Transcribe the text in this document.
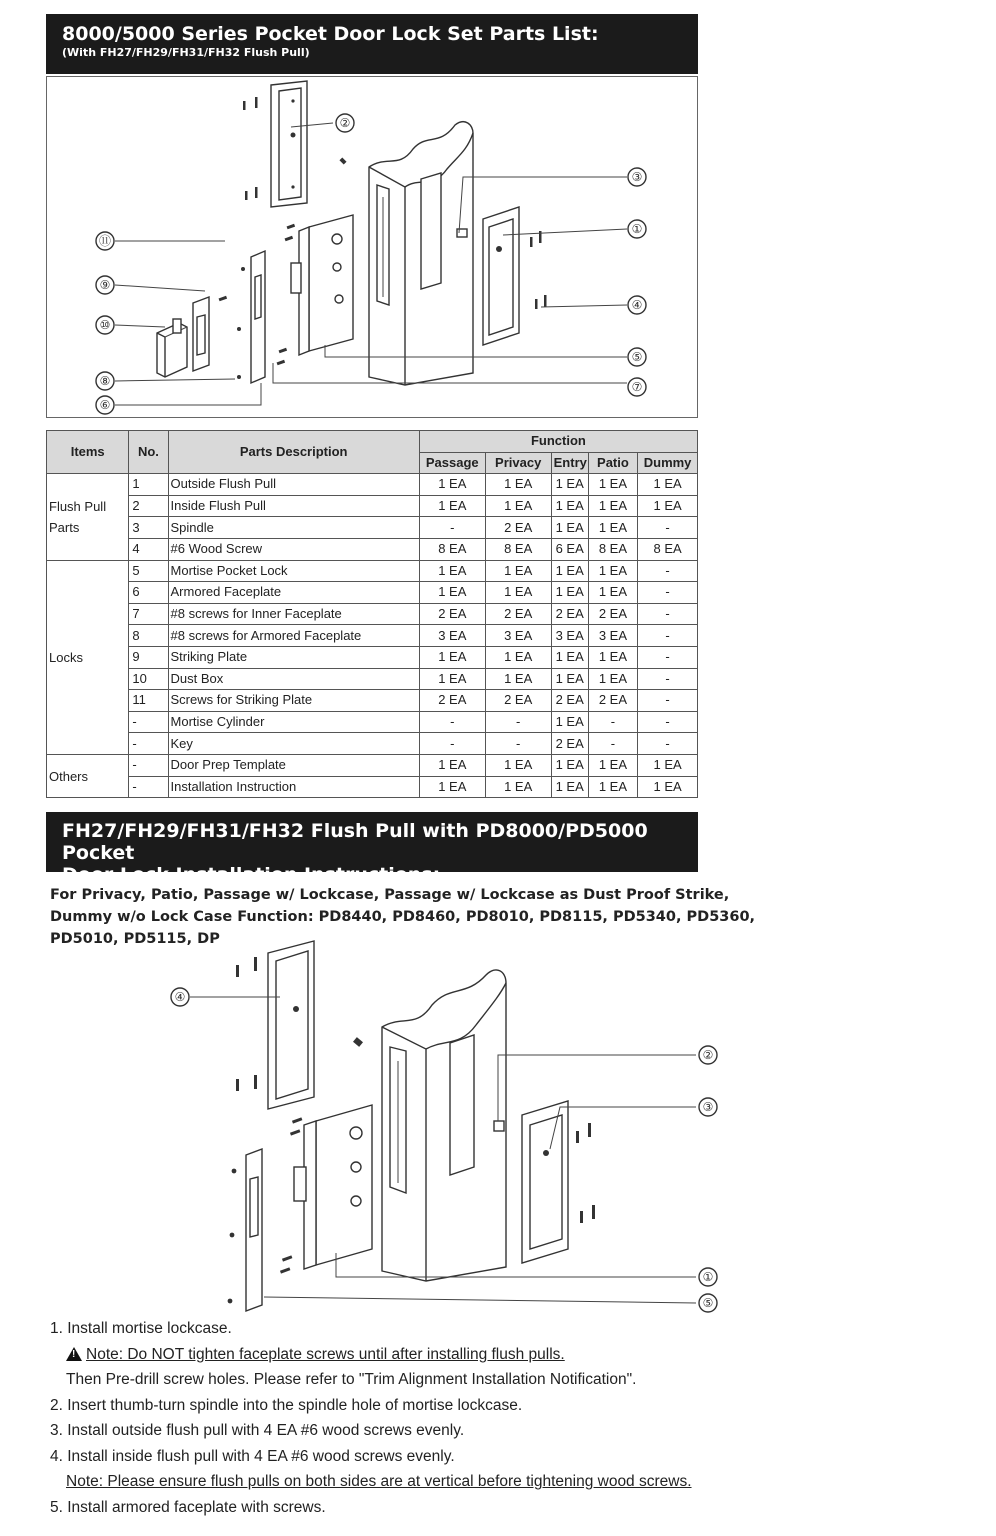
8000/5000 Series Pocket Door Lock Set Parts List:
(With FH27/FH29/FH31/FH32 Flush Pull)
②
③
①
④
⑤
⑦
⑪
⑨
⑩
⑧
⑥
Items	No.	Parts Description	Function				
			Passage	Privacy	Entry	Patio	Dummy
Flush Pull Parts	1	Outside Flush Pull	1 EA	1 EA	1 EA	1 EA	1 EA
	2	Inside Flush Pull	1 EA	1 EA	1 EA	1 EA	1 EA
	3	Spindle	-	2 EA	1 EA	1 EA	-
	4	#6 Wood Screw	8 EA	8 EA	6 EA	8 EA	8 EA
Locks	5	Mortise Pocket Lock	1 EA	1 EA	1 EA	1 EA	-
	6	Armored Faceplate	1 EA	1 EA	1 EA	1 EA	-
	7	#8 screws for Inner Faceplate	2 EA	2 EA	2 EA	2 EA	-
	8	#8 screws for Armored Faceplate	3 EA	3 EA	3 EA	3 EA	-
	9	Striking Plate	1 EA	1 EA	1 EA	1 EA	-
	10	Dust Box	1 EA	1 EA	1 EA	1 EA	-
	11	Screws for Striking Plate	2 EA	2 EA	2 EA	2 EA	-
	-	Mortise Cylinder	-	-	1 EA	-	-
	-	Key	-	-	2 EA	-	-
Others	-	Door Prep Template	1 EA	1 EA	1 EA	1 EA	1 EA
	-	Installation Instruction	1 EA	1 EA	1 EA	1 EA	1 EA
FH27/FH29/FH31/FH32 Flush Pull with PD8000/PD5000 Pocket
Door Lock Installation Instructions:
For Privacy, Patio, Passage w/ Lockcase, Passage w/ Lockcase as Dust Proof Strike,
Dummy w/o Lock Case Function: PD8440, PD8460, PD8010, PD8115, PD5340, PD5360,
PD5010, PD5115, DP
④
②
③
①
⑤
1. Install mortise lockcase.
!Note: Do NOT tighten faceplate screws until after installing flush pulls.
Then Pre-drill screw holes. Please refer to "Trim Alignment Installation Notification".
2. Insert thumb-turn spindle into the spindle hole of mortise lockcase.
3. Install outside flush pull with 4 EA #6 wood screws evenly.
4. Install inside flush pull with 4 EA #6 wood screws evenly.
Note: Please ensure flush pulls on both sides are at vertical before tightening wood screws.
5. Install armored faceplate with screws.
